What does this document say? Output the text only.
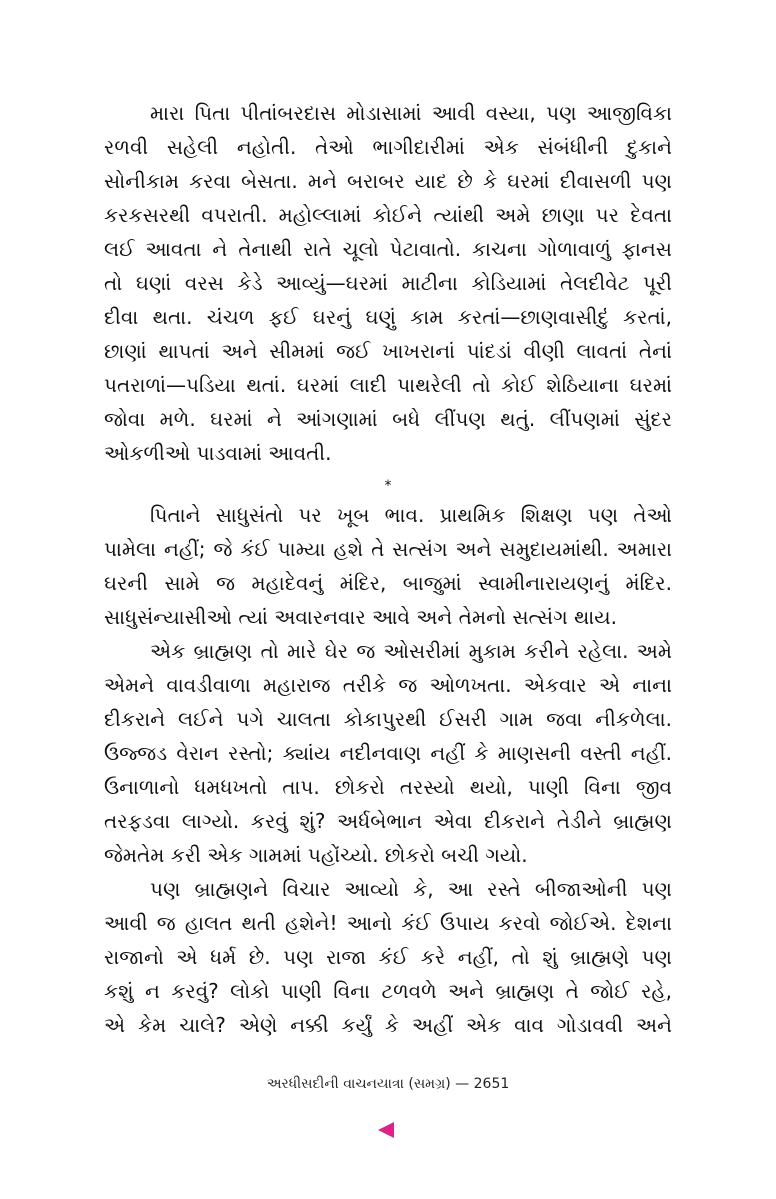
મારા પિતા પીતાંબરદાસ મોડાસામાં આવી વસ્યા, પણ આજીવિકા
રળવી સહેલી નહોતી. તેઓ ભાગીદારીમાં એક સંબંધીની દુકાને
સોનીકામ કરવા બેસતા. મને બરાબર યાદ છે કે ઘરમાં દીવાસળી પણ
કરકસરથી વપરાતી. મહોલ્લામાં કોઈને ત્યાંથી અમે છાણા પર દેવતા
લઈ આવતા ને તેનાથી રાતે ચૂલો પેટાવાતો. કાચના ગોળાવાળું ફાનસ
તો ઘણાં વરસ કેડે આવ્યું—ઘરમાં માટીના કોડિયામાં તેલદીવેટ પૂરી
દીવા થતા. ચંચળ ફઈ ઘરનું ઘણું કામ કરતાં—છાણવાસીદું કરતાં,
છાણાં થાપતાં અને સીમમાં જઈ ખાખરાનાં પાંદડાં વીણી લાવતાં તેનાં
પતરાળાં—પડિયા થતાં. ઘરમાં લાદી પાથરેલી તો કોઈ શેઠિયાના ઘરમાં
જોવા મળે. ઘરમાં ને આંગણામાં બધે લીંપણ થતું. લીંપણમાં સુંદર
ઓકળીઓ પાડવામાં આવતી.
*
પિતાને સાધુસંતો પર ખૂબ ભાવ. પ્રાથમિક શિક્ષણ પણ તેઓ
પામેલા નહીં; જે કંઈ પામ્યા હશે તે સત્સંગ અને સમુદાયમાંથી. અમારા
ઘરની સામે જ મહાદેવનું મંદિર, બાજુમાં સ્વામીનારાયણનું મંદિર.
સાધુસંન્યાસીઓ ત્યાં અવારનવાર આવે અને તેમનો સત્સંગ થાય.
એક બ્રાહ્મણ તો મારે ઘેર જ ઓસરીમાં મુકામ કરીને રહેલા. અમે
એમને વાવડીવાળા મહારાજ તરીકે જ ઓળખતા. એકવાર એ નાના
દીકરાને લઈને પગે ચાલતા કોકાપુરથી ઈસરી ગામ જવા નીકળેલા.
ઉજ્જડ વેરાન રસ્તો; ક્યાંય નદીનવાણ નહીં કે માણસની વસ્તી નહીં.
ઉનાળાનો ધમધખતો તાપ. છોકરો તરસ્યો થયો, પાણી વિના જીવ
તરફડવા લાગ્યો. કરવું શું? અર્ધબેભાન એવા દીકરાને તેડીને બ્રાહ્મણ
જેમતેમ કરી એક ગામમાં પહોંચ્યો. છોકરો બચી ગયો.
પણ બ્રાહ્મણને વિચાર આવ્યો કે, આ રસ્તે બીજાઓની પણ
આવી જ હાલત થતી હશેને! આનો કંઈ ઉપાય કરવો જોઈએ. દેશના
રાજાનો એ ધર્મ છે. પણ રાજા કંઈ કરે નહીં, તો શું બ્રાહ્મણે પણ
કશું ન કરવું? લોકો પાણી વિના ટળવળે અને બ્રાહ્મણ તે જોઈ રહે,
એ કેમ ચાલે? એણે નક્કી કર્યું કે અહીં એક વાવ ગોડાવવી અને
અરધીસદીની વાચનયાત્રા (સમગ્ર) — 2651
